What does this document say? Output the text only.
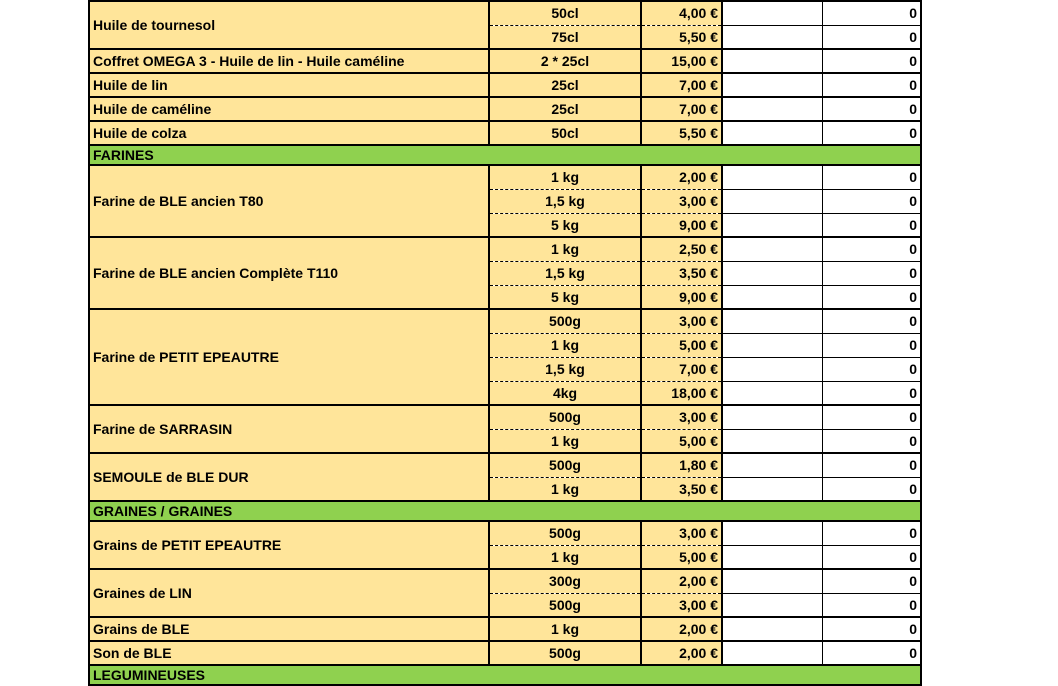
Huile de tournesol	50cl	4,00 €		0
	75cl	5,50 €		0
Coffret OMEGA 3 - Huile de lin - Huile caméline	2 * 25cl	15,00 €		0
Huile de lin	25cl	7,00 €		0
Huile de caméline	25cl	7,00 €		0
Huile de colza	50cl	5,50 €		0
FARINES				
Farine de BLE ancien T80	1 kg	2,00 €		0
	1,5 kg	3,00 €		0
	5 kg	9,00 €		0
Farine de BLE ancien Complète T110	1 kg	2,50 €		0
	1,5 kg	3,50 €		0
	5 kg	9,00 €		0
Farine de PETIT EPEAUTRE	500g	3,00 €		0
	1 kg	5,00 €		0
	1,5 kg	7,00 €		0
	4kg	18,00 €		0
Farine de SARRASIN	500g	3,00 €		0
	1 kg	5,00 €		0
SEMOULE de BLE DUR	500g	1,80 €		0
	1 kg	3,50 €		0
GRAINES / GRAINES				
Grains de PETIT EPEAUTRE	500g	3,00 €		0
	1 kg	5,00 €		0
Graines de LIN	300g	2,00 €		0
	500g	3,00 €		0
Grains de BLE	1 kg	2,00 €		0
Son de BLE	500g	2,00 €		0
LEGUMINEUSES				
